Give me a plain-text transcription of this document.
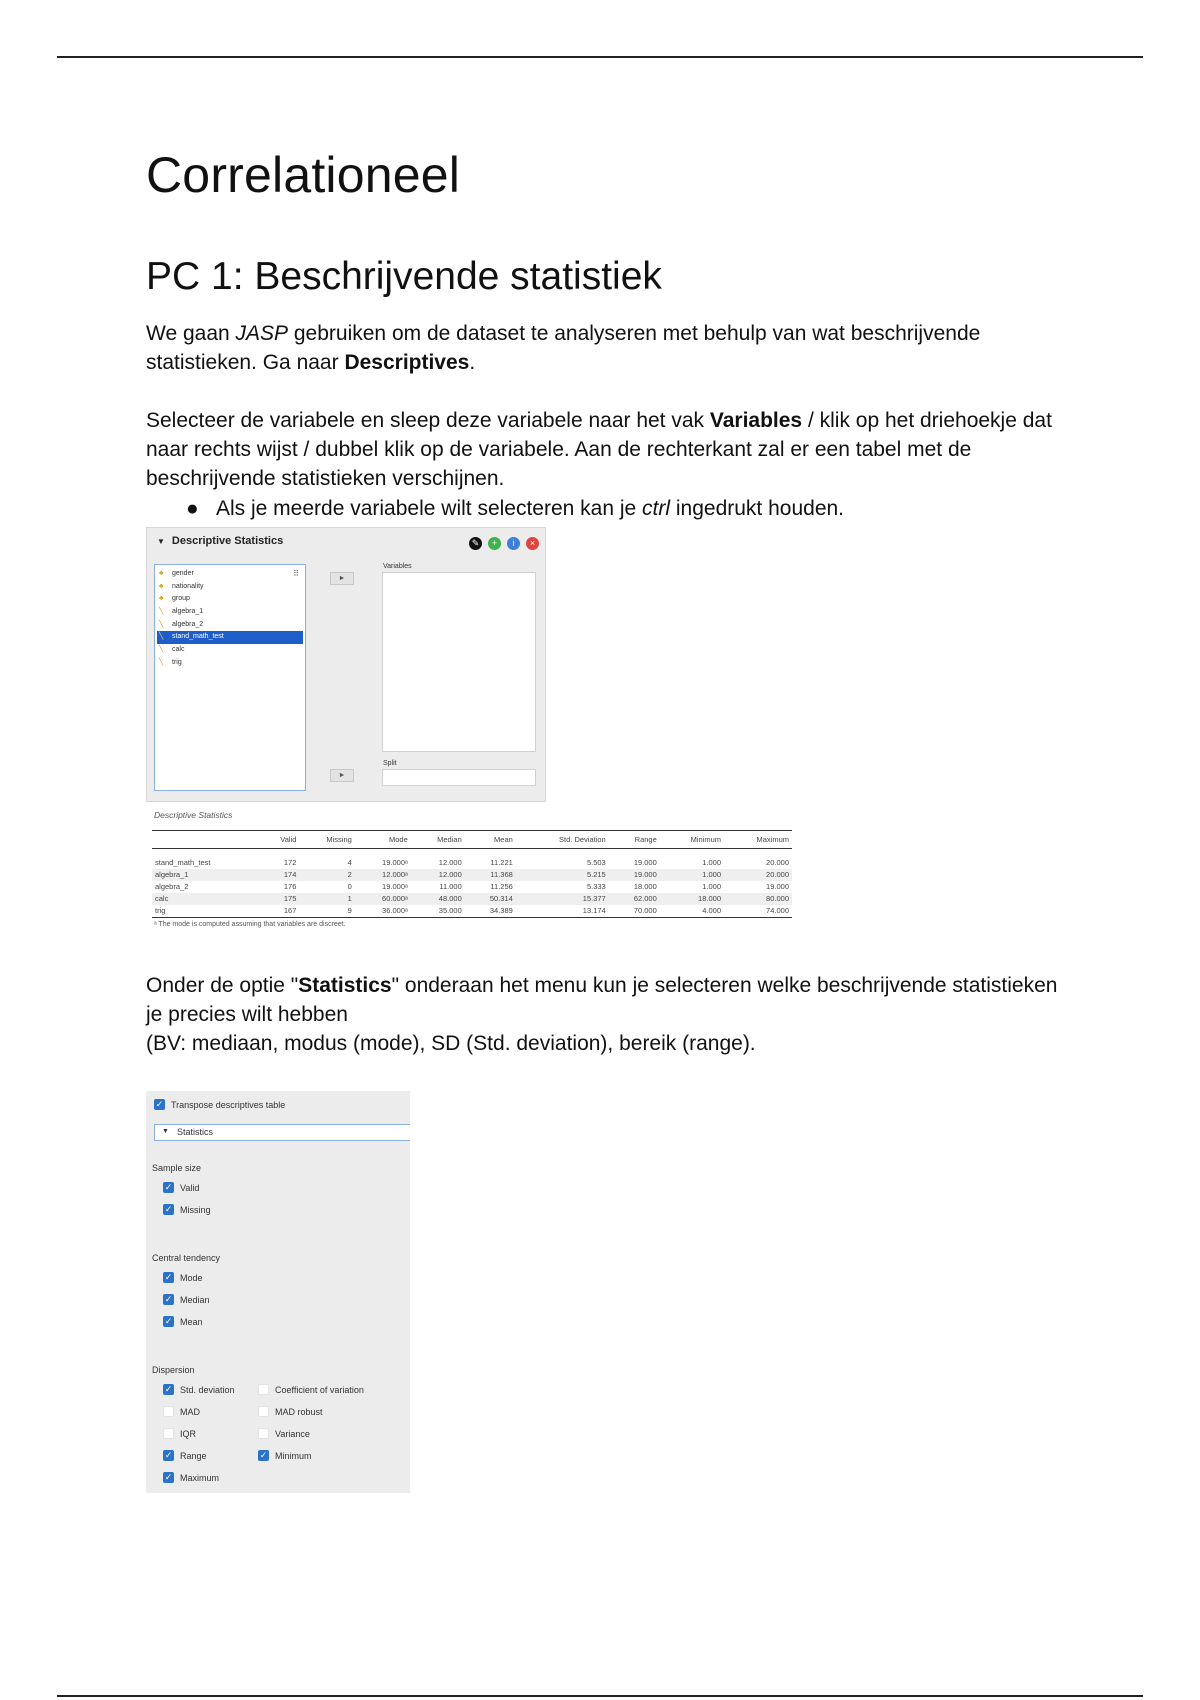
Correlationeel
PC 1: Beschrijvende statistiek

We gaan JASP gebruiken om de dataset te analyseren met behulp van wat beschrijvende statistieken. Ga naar Descriptives.

Selecteer de variabele en sleep deze variabele naar het vak Variables / klik op het driehoekje dat naar rechts wijst / dubbel klik op de variabele. Aan de rechterkant zal er een tabel met de beschrijvende statistieken verschijnen.

● Als je meerde variabele wilt selecteren kan je ctrl ingedrukt houden.

Onder de optie "Statistics" onderaan het menu kun je selecteren welke beschrijvende statistieken je precies wilt hebben
(BV: mediaan, modus (mode), SD (Std. deviation), bereik (range).

▼ Descriptive Statistics	✎ + i ×
⠿
♣ gender
♣ nationality
♣ group
╲ algebra_1
╲ algebra_2
╲ stand_math_test
╲ calc
╲ trig
►
Variables
►
Split
Descriptive Statistics
	Valid	Missing	Mode	Median	Mean	Std. Deviation	Range	Minimum	Maximum

stand_math_test	172	4	19.000ᵃ	12.000	11.221	5.503	19.000	1.000	20.000
algebra_1	174	2	12.000ᵃ	12.000	11.368	5.215	19.000	1.000	20.000
algebra_2	176	0	19.000ᵃ	11.000	11.256	5.333	18.000	1.000	19.000
calc	175	1	60.000ᵃ	48.000	50.314	15.377	62.000	18.000	80.000
trig	167	9	36.000ᵃ	35.000	34.389	13.174	70.000	4.000	74.000
ᵃ The mode is computed assuming that variables are discreet.
✓ Transpose descriptives table
▼ Statistics
Sample size
✓ Valid
✓ Missing
Central tendency
✓ Mode
✓ Median
✓ Mean
Dispersion
✓ Std. deviation	Coefficient of variation
MAD	MAD robust
IQR	Variance
✓ Range	✓ Minimum
✓ Maximum
